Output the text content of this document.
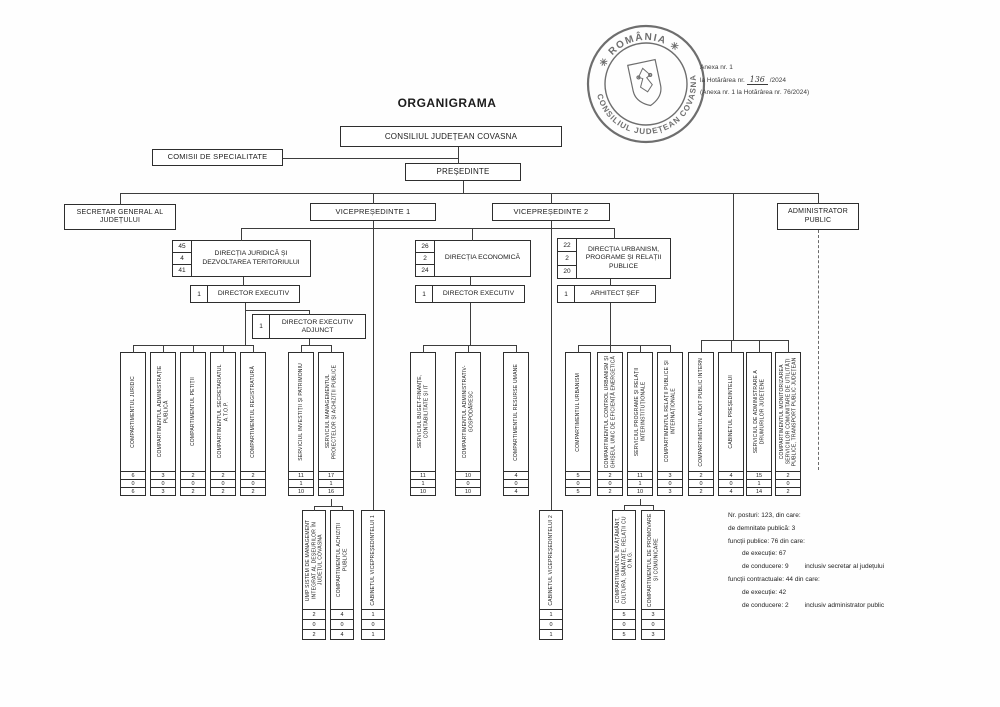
ORGANIGRAMA
✳ ROMÂNIA ✳
CONSILIUL JUDEȚEAN COVASNA
Anexa nr. 1
la Hotărârea nr. 136 /2024
(Anexa nr. 1 la Hotărârea nr. 76/2024)
CONSILIUL JUDEȚEAN COVASNA
COMISII DE SPECIALITATE
PREȘEDINTE
SECRETAR GENERAL AL JUDEȚULUI
VICEPREȘEDINTE 1	VICEPREȘEDINTE 2	ADMINISTRATOR PUBLIC
45
4
41
DIRECȚIA JURIDICĂ ȘI DEZVOLTAREA TERITORIULUI
26
2
24
DIRECȚIA ECONOMICĂ
22
2
20
DIRECȚIA URBANISM, PROGRAME ȘI RELAȚII PUBLICE
1	DIRECTOR EXECUTIV
1
DIRECTOR EXECUTIV ADJUNCT
1	DIRECTOR EXECUTIV	1	ARHITECT ȘEF
COMPARTIMENTUL JURIDIC
6
0
6
COMPARTIMENTUL ADMINISTRAȚIE PUBLICĂ
3
0
3
COMPARTIMENTUL PETIȚII
2
0
2
COMPARTIMENTUL SECRETARIATUL A.T.O.P.
2
0
2
COMPARTIMENTUL REGISTRATURĂ
2
0
2
SERVICIUL INVESTIȚII ȘI PATRIMONIU
11
1
10
SERVICIUL MANAGEMENTUL PROIECTELOR ȘI ACHIZIȚII PUBLICE
17
1
16
SERVICIUL BUGET-FINANȚE, CONTABILITATE ȘI IT
11
1
10
COMPARTIMENTUL ADMINISTRATIV-GOSPODĂRESC
10
0
10
COMPARTIMENTUL RESURSE UMANE
4
0
4
COMPARTIMENTUL URBANISM
5
0
5
COMPARTIMENTUL CONTROL URBANISM ȘI GHIȘEUL UNIC DE EFICIENȚĂ ENERGETICĂ
2
0
2
SERVICIUL PROGRAME ȘI RELAȚII INTERINSTITUȚIONALE
11
1
10
COMPARTIMENTUL RELAȚII PUBLICE ȘI INTERNAȚIONALE
3
0
3
COMPARTIMENTUL AUDIT PUBLIC INTERN
2
0
2
CABINETUL PREȘEDINTELUI
4
0
4
SERVICIUL DE ADMINISTRARE A DRUMURILOR JUDEȚENE
15
1
14
COMPARTIMENTUL MONITORIZAREA SERVICIILOR COMUNITARE DE UTILITĂȚI PUBLICE, TRANSPORT PUBLIC JUDEȚEAN
2
0
2
UMP SISTEM DE MANAGEMENT INTEGRAT AL DEȘEURILOR ÎN JUDEȚUL COVASNA
2
0
2
COMPARTIMENTUL ACHIZIȚII PUBLICE
4
0
4
CABINETUL VICEPREȘEDINTELUI 1
1
0
1
CABINETUL VICEPREȘEDINTELUI 2
1
0
1
COMPARTIMENTUL ÎNVĂȚĂMÂNT, CULTURĂ, SĂNĂTATE, RELAȚII CU O.N.G.
5
0
5
COMPARTIMENTUL DE PROMOVARE ȘI COMUNICARE
3
0
3
Nr. posturi: 123, din care:
de demnitate publică: 3
funcții publice: 76 din care:
de execuție: 67
de conducere: 9 inclusiv secretar al județului
funcții contractuale: 44 din care:
de execuție: 42
de conducere: 2 inclusiv administrator public
